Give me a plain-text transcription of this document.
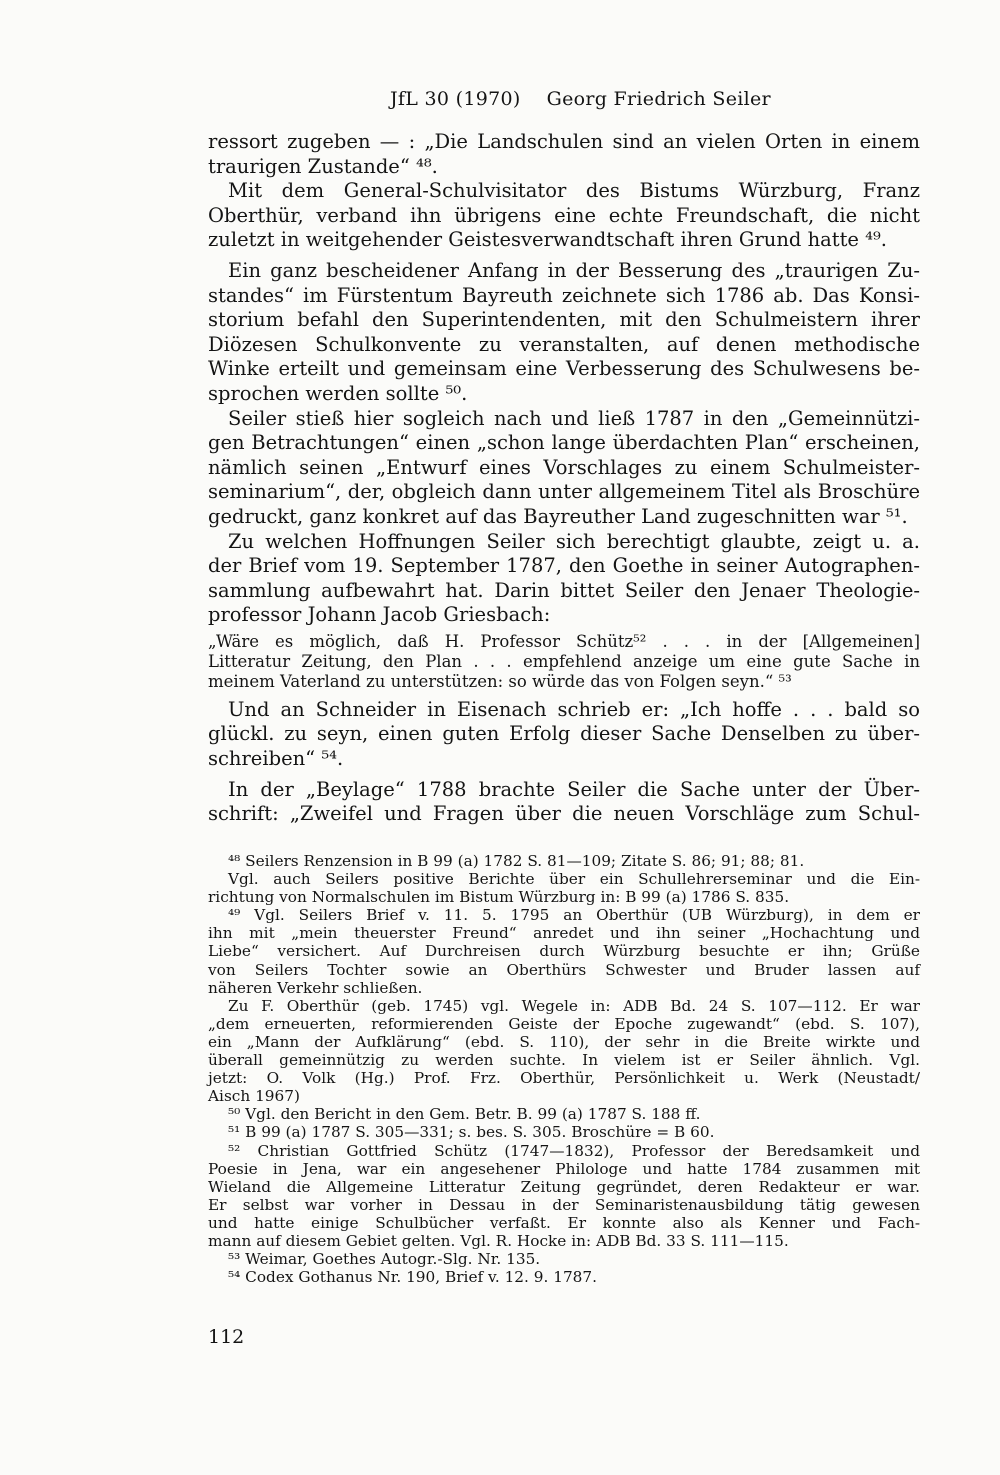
JfL 30 (1970) Georg Friedrich Seiler
ressort zugeben — : „Die Landschulen sind an vielen Orten in einem
traurigen Zustande“ ⁴⁸.
Mit dem General-Schulvisitator des Bistums Würzburg, Franz
Oberthür, verband ihn übrigens eine echte Freundschaft, die nicht
zuletzt in weitgehender Geistesverwandtschaft ihren Grund hatte ⁴⁹.
Ein ganz bescheidener Anfang in der Besserung des „traurigen Zu-
standes“ im Fürstentum Bayreuth zeichnete sich 1786 ab. Das Konsi-
storium befahl den Superintendenten, mit den Schulmeistern ihrer
Diözesen Schulkonvente zu veranstalten, auf denen methodische
Winke erteilt und gemeinsam eine Verbesserung des Schulwesens be-
sprochen werden sollte ⁵⁰.
Seiler stieß hier sogleich nach und ließ 1787 in den „Gemeinnützi-
gen Betrachtungen“ einen „schon lange überdachten Plan“ erscheinen,
nämlich seinen „Entwurf eines Vorschlages zu einem Schulmeister-
seminarium“, der, obgleich dann unter allgemeinem Titel als Broschüre
gedruckt, ganz konkret auf das Bayreuther Land zugeschnitten war ⁵¹.
Zu welchen Hoffnungen Seiler sich berechtigt glaubte, zeigt u. a.
der Brief vom 19. September 1787, den Goethe in seiner Autographen-
sammlung aufbewahrt hat. Darin bittet Seiler den Jenaer Theologie-
professor Johann Jacob Griesbach:
„Wäre es möglich, daß H. Professor Schütz⁵² . . . in der [Allgemeinen]
Litteratur Zeitung, den Plan . . . empfehlend anzeige um eine gute Sache in
meinem Vaterland zu unterstützen: so würde das von Folgen seyn.“ ⁵³
Und an Schneider in Eisenach schrieb er: „Ich hoffe . . . bald so
glückl. zu seyn, einen guten Erfolg dieser Sache Denselben zu über-
schreiben“ ⁵⁴.
In der „Beylage“ 1788 brachte Seiler die Sache unter der Über-
schrift: „Zweifel und Fragen über die neuen Vorschläge zum Schul-
⁴⁸ Seilers Renzension in B 99 (a) 1782 S. 81—109; Zitate S. 86; 91; 88; 81.
Vgl. auch Seilers positive Berichte über ein Schullehrerseminar und die Ein-
richtung von Normalschulen im Bistum Würzburg in: B 99 (a) 1786 S. 835.
⁴⁹ Vgl. Seilers Brief v. 11. 5. 1795 an Oberthür (UB Würzburg), in dem er
ihn mit „mein theuerster Freund“ anredet und ihn seiner „Hochachtung und
Liebe“ versichert. Auf Durchreisen durch Würzburg besuchte er ihn; Grüße
von Seilers Tochter sowie an Oberthürs Schwester und Bruder lassen auf
näheren Verkehr schließen.
Zu F. Oberthür (geb. 1745) vgl. Wegele in: ADB Bd. 24 S. 107—112. Er war
„dem erneuerten, reformierenden Geiste der Epoche zugewandt“ (ebd. S. 107),
ein „Mann der Aufklärung“ (ebd. S. 110), der sehr in die Breite wirkte und
überall gemeinnützig zu werden suchte. In vielem ist er Seiler ähnlich. Vgl.
jetzt: O. Volk (Hg.) Prof. Frz. Oberthür, Persönlichkeit u. Werk (Neustadt/
Aisch 1967)
⁵⁰ Vgl. den Bericht in den Gem. Betr. B. 99 (a) 1787 S. 188 ff.
⁵¹ B 99 (a) 1787 S. 305—331; s. bes. S. 305. Broschüre = B 60.
⁵² Christian Gottfried Schütz (1747—1832), Professor der Beredsamkeit und
Poesie in Jena, war ein angesehener Philologe und hatte 1784 zusammen mit
Wieland die Allgemeine Litteratur Zeitung gegründet, deren Redakteur er war.
Er selbst war vorher in Dessau in der Seminaristenausbildung tätig gewesen
und hatte einige Schulbücher verfaßt. Er konnte also als Kenner und Fach-
mann auf diesem Gebiet gelten. Vgl. R. Hocke in: ADB Bd. 33 S. 111—115.
⁵³ Weimar, Goethes Autogr.-Slg. Nr. 135.
⁵⁴ Codex Gothanus Nr. 190, Brief v. 12. 9. 1787.
112
